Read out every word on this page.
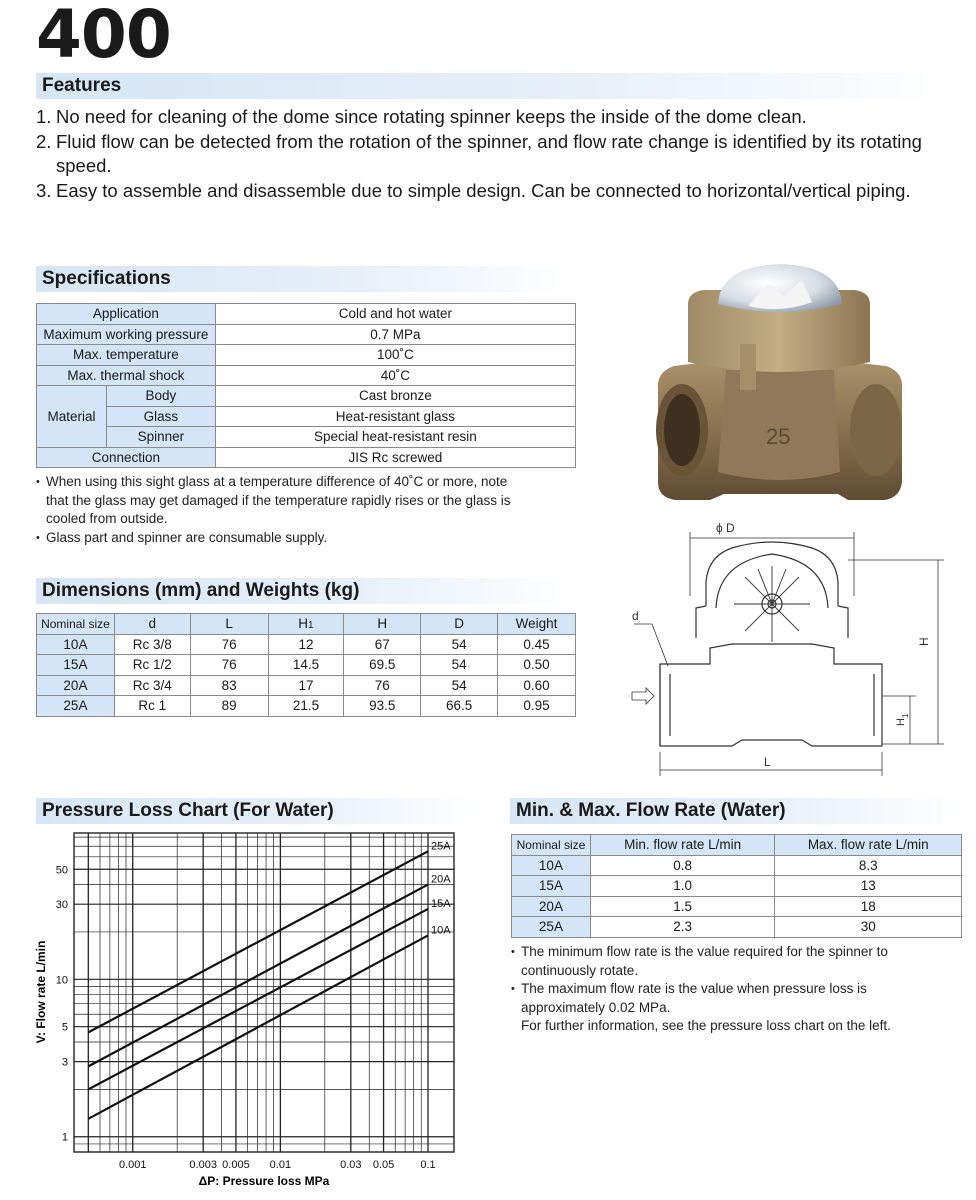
400
Features
1. No need for cleaning of the dome since rotating spinner keeps the inside of the dome clean.
2. Fluid flow can be detected from the rotation of the spinner, and flow rate change is identified by its rotating speed.
3. Easy to assemble and disassemble due to simple design. Can be connected to horizontal/vertical piping.
Specifications
Application		Cold and hot water
Maximum working pressure		0.7 MPa
Max. temperature		100˚C
Max. thermal shock		40˚C
Material	Body	Cast bronze
	Glass	Heat-resistant glass
	Spinner	Special heat-resistant resin
Connection		JIS Rc screwed
• When using this sight glass at a temperature difference of 40˚C or more, note
that the glass may get damaged if the temperature rapidly rises or the glass is
cooled from outside.
• Glass part and spinner are consumable supply.
25
ϕ D
d
H
H
1
L
Dimensions (mm) and Weights (kg)
Nominal size	d	L	H1	H	D	Weight
10A	Rc 3/8	76	12	67	54	0.45
15A	Rc 1/2	76	14.5	69.5	54	0.50
20A	Rc 3/4	83	17	76	54	0.60
25A	Rc 1	89	21.5	93.5	66.5	0.95
Pressure Loss Chart (For Water)
25A
20A
15A
10A
0.001	0.003 0.005 0.01	0.03 0.05 0.1
1
3
5
10
30
50
V: Flow rate L/min
ΔP: Pressure loss MPa
Min. & Max. Flow Rate (Water)
Nominal size	Min. flow rate L/min	Max. flow rate L/min
10A	0.8	8.3
15A	1.0	13
20A	1.5	18
25A	2.3	30
• The minimum flow rate is the value required for the spinner to
continuously rotate.
• The maximum flow rate is the value when pressure loss is
approximately 0.02 MPa.
For further information, see the pressure loss chart on the left.
